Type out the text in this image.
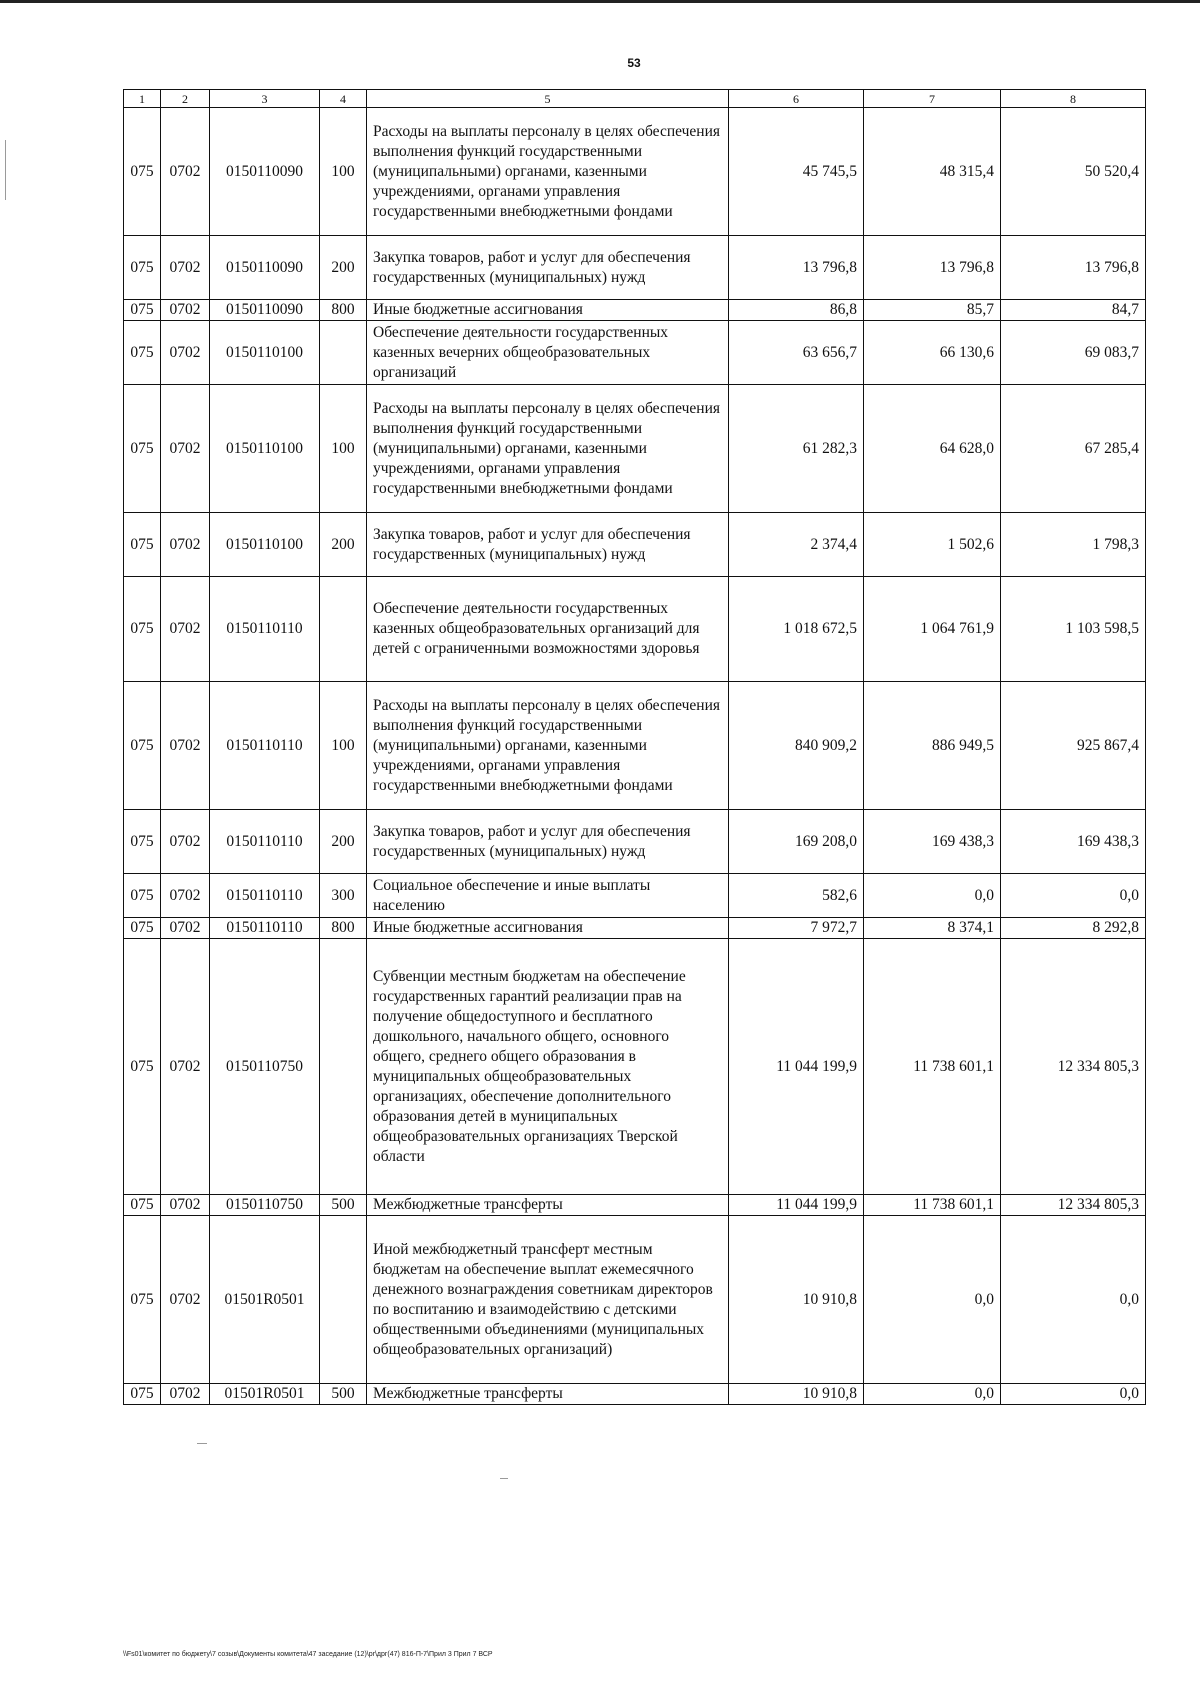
53
1	2	3	4	5	6	7	8
075	0702	0150110090	100	Расходы на выплаты персоналу в целях обеспечения выполнения функций государственными (муниципальными) органами, казенными учреждениями, органами управления государственными внебюджетными фондами	45 745,5	48 315,4	50 520,4
075	0702	0150110090	200	Закупка товаров, работ и услуг для обеспечения государственных (муниципальных) нужд	13 796,8	13 796,8	13 796,8
075	0702	0150110090	800	Иные бюджетные ассигнования	86,8	85,7	84,7
075	0702	0150110100		Обеспечение деятельности государственных казенных вечерних общеобразовательных организаций	63 656,7	66 130,6	69 083,7
075	0702	0150110100	100	Расходы на выплаты персоналу в целях обеспечения выполнения функций государственными (муниципальными) органами, казенными учреждениями, органами управления государственными внебюджетными фондами	61 282,3	64 628,0	67 285,4
075	0702	0150110100	200	Закупка товаров, работ и услуг для обеспечения государственных (муниципальных) нужд	2 374,4	1 502,6	1 798,3
075	0702	0150110110		Обеспечение деятельности государственных казенных общеобразовательных организаций для детей с ограниченными возможностями здоровья	1 018 672,5	1 064 761,9	1 103 598,5
075	0702	0150110110	100	Расходы на выплаты персоналу в целях обеспечения выполнения функций государственными (муниципальными) органами, казенными учреждениями, органами управления государственными внебюджетными фондами	840 909,2	886 949,5	925 867,4
075	0702	0150110110	200	Закупка товаров, работ и услуг для обеспечения государственных (муниципальных) нужд	169 208,0	169 438,3	169 438,3
075	0702	0150110110	300	Социальное обеспечение и иные выплаты населению	582,6	0,0	0,0
075	0702	0150110110	800	Иные бюджетные ассигнования	7 972,7	8 374,1	8 292,8
075	0702	0150110750		Субвенции местным бюджетам на обеспечение государственных гарантий реализации прав на получение общедоступного и бесплатного дошкольного, начального общего, основного общего, среднего общего образования в муниципальных общеобразовательных организациях, обеспечение дополнительного образования детей в муниципальных общеобразовательных организациях Тверской области	11 044 199,9	11 738 601,1	12 334 805,3
075	0702	0150110750	500	Межбюджетные трансферты	11 044 199,9	11 738 601,1	12 334 805,3
075	0702	01501R0501		Иной межбюджетный трансферт местным бюджетам на обеспечение выплат ежемесячного денежного вознаграждения советникам директоров по воспитанию и взаимодействию с детскими общественными объединениями (муниципальных общеобразовательных организаций)	10 910,8	0,0	0,0
075	0702	01501R0501	500	Межбюджетные трансферты	10 910,8	0,0	0,0
\\Fs01\комитет по бюджету\7 созыв\Документы комитета\47 заседание (12)\pr\дрг(47) 816-П-7\Прил 3 Прил 7 ВСР
